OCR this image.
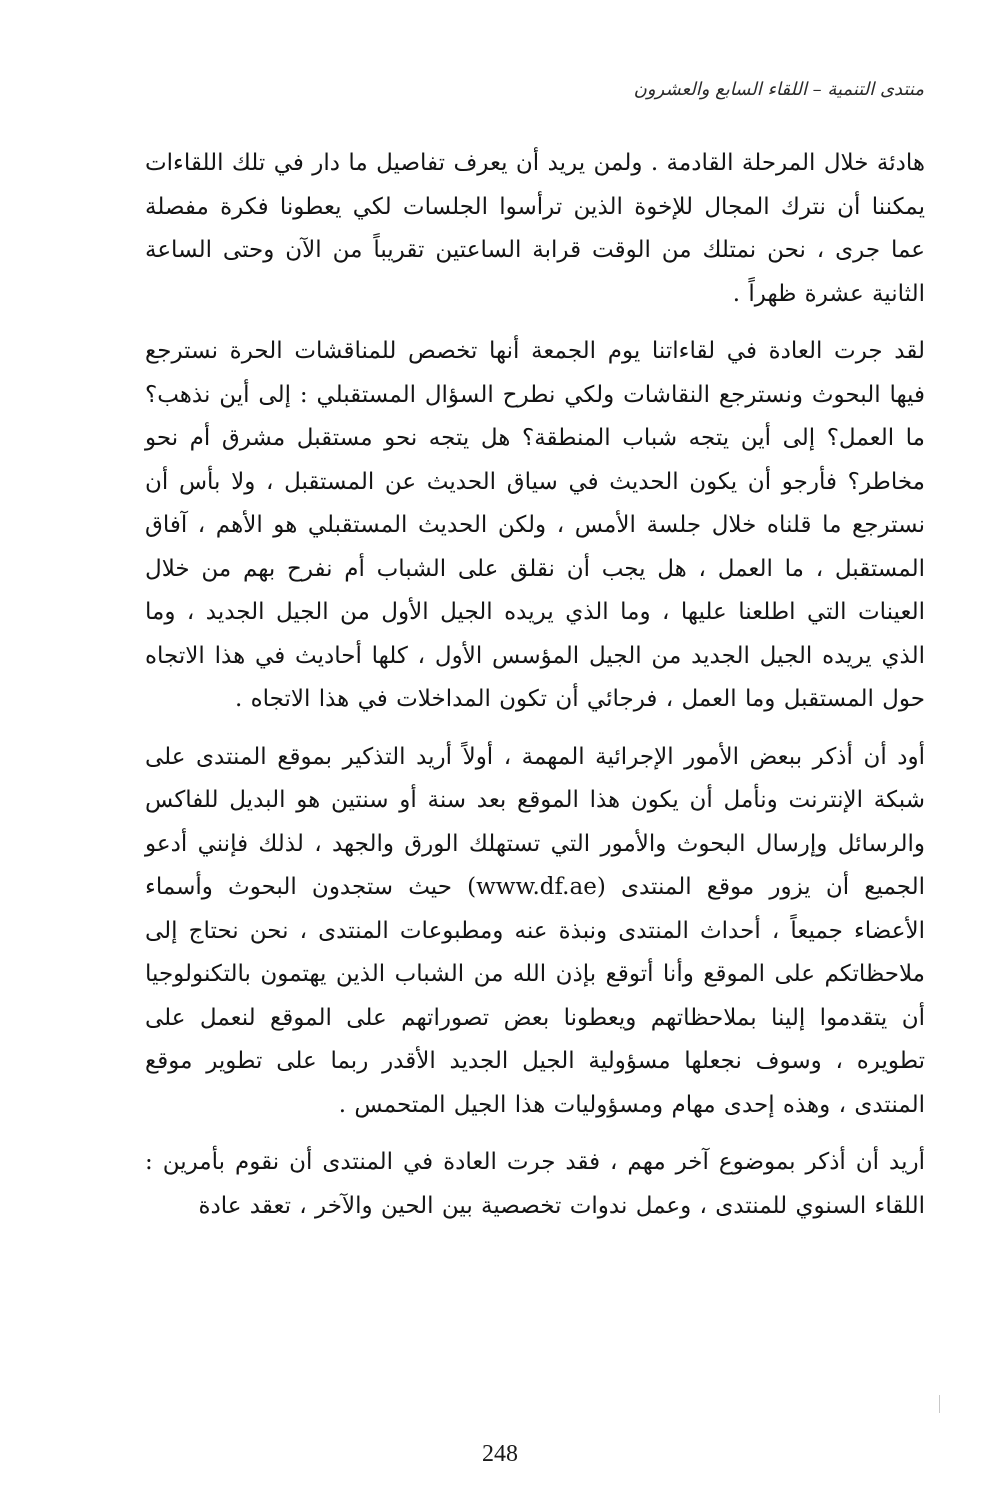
منتدى التنمية – اللقاء السابع والعشرون

هادئة خلال المرحلة القادمة . ولمن يريد أن يعرف تفاصيل ما دار في تلك اللقاءات يمكننا أن نترك المجال للإخوة الذين ترأسوا الجلسات لكي يعطونا فكرة مفصلة عما جرى ، نحن نمتلك من الوقت قرابة الساعتين تقريباً من الآن وحتى الساعة الثانية عشرة ظهراً .

لقد جرت العادة في لقاءاتنا يوم الجمعة أنها تخصص للمناقشات الحرة نسترجع فيها البحوث ونسترجع النقاشات ولكي نطرح السؤال المستقبلي : إلى أين نذهب؟ ما العمل؟ إلى أين يتجه شباب المنطقة؟ هل يتجه نحو مستقبل مشرق أم نحو مخاطر؟ فأرجو أن يكون الحديث في سياق الحديث عن المستقبل ، ولا بأس أن نسترجع ما قلناه خلال جلسة الأمس ، ولكن الحديث المستقبلي هو الأهم ، آفاق المستقبل ، ما العمل ، هل يجب أن نقلق على الشباب أم نفرح بهم من خلال العينات التي اطلعنا عليها ، وما الذي يريده الجيل الأول من الجيل الجديد ، وما الذي يريده الجيل الجديد من الجيل المؤسس الأول ، كلها أحاديث في هذا الاتجاه حول المستقبل وما العمل ، فرجائي أن تكون المداخلات في هذا الاتجاه .

أود أن أذكر ببعض الأمور الإجرائية المهمة ، أولاً أريد التذكير بموقع المنتدى على شبكة الإنترنت ونأمل أن يكون هذا الموقع بعد سنة أو سنتين هو البديل للفاكس والرسائل وإرسال البحوث والأمور التي تستهلك الورق والجهد ، لذلك فإنني أدعو الجميع أن يزور موقع المنتدى (www.df.ae) حيث ستجدون البحوث وأسماء الأعضاء جميعاً ، أحداث المنتدى ونبذة عنه ومطبوعات المنتدى ، نحن نحتاج إلى ملاحظاتكم على الموقع وأنا أتوقع بإذن الله من الشباب الذين يهتمون بالتكنولوجيا أن يتقدموا إلينا بملاحظاتهم ويعطونا بعض تصوراتهم على الموقع لنعمل على تطويره ، وسوف نجعلها مسؤولية الجيل الجديد الأقدر ربما على تطوير موقع المنتدى ، وهذه إحدى مهام ومسؤوليات هذا الجيل المتحمس .

أريد أن أذكر بموضوع آخر مهم ، فقد جرت العادة في المنتدى أن نقوم بأمرين : اللقاء السنوي للمنتدى ، وعمل ندوات تخصصية بين الحين والآخر ، تعقد عادة

248
